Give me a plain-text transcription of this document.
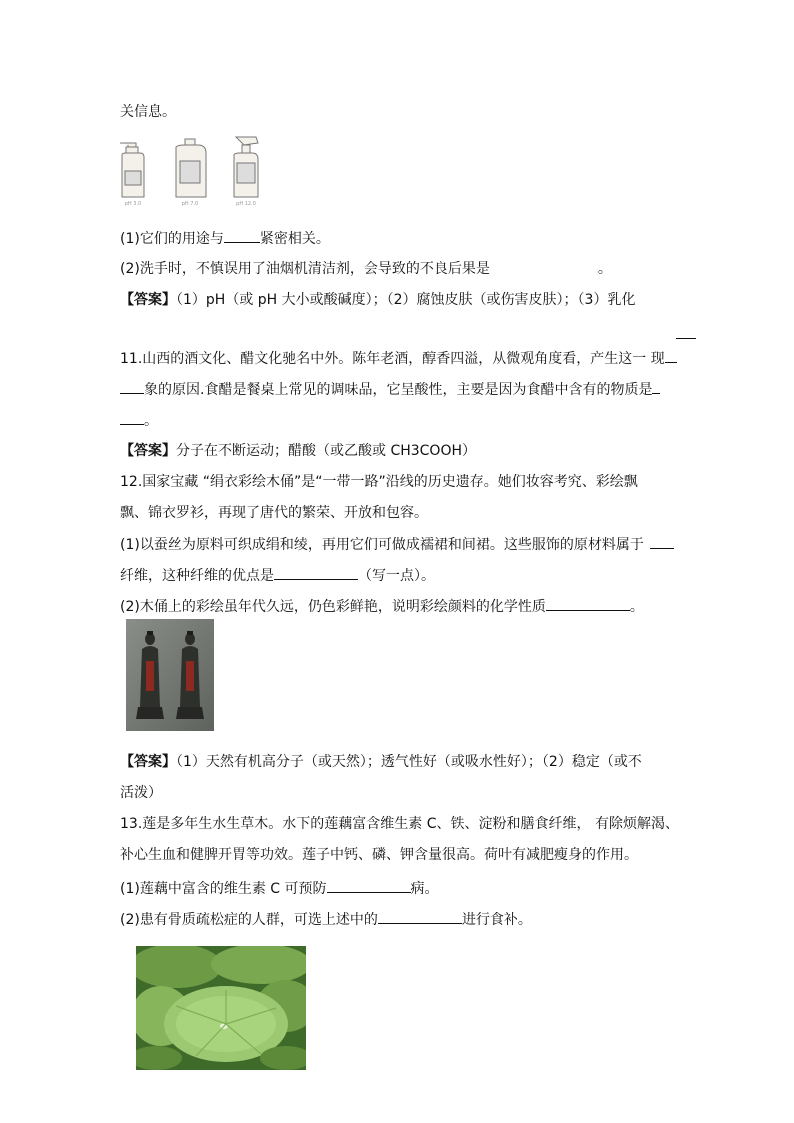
关信息。
pH 3.0	pH 7.0	pH 12.0
(1)它们的用途与	紧密相关。
(2)洗手时，不慎误用了油烟机清洁剂，会导致的不良后果是	。
【答案】（1）pH（或 pH 大小或酸碱度）；（2）腐蚀皮肤（或伤害皮肤）；（3）乳化
11.山西的酒文化、醋文化驰名中外。陈年老酒，醇香四溢，从微观角度看，产生这一 现
象的原因.食醋是餐桌上常见的调味品，它呈酸性，主要是因为食醋中含有的物质是
。
【答案】分子在不断运动；醋酸（或乙酸或 CH3COOH）
12.国家宝藏 “绢衣彩绘木俑”是“一带一路”沿线的历史遗存。她们妆容考究、彩绘飘
飘、锦衣罗衫，再现了唐代的繁荣、开放和包容。
(1)以蚕丝为原料可织成绢和绫，再用它们可做成襦裙和间裙。这些服饰的原材料属于
纤维，这种纤维的优点是	（写一点）。
(2)木俑上的彩绘虽年代久远，仍色彩鲜艳，说明彩绘颜料的化学性质	。
【答案】（1）天然有机高分子（或天然）；透气性好（或吸水性好）；（2）稳定（或不
活泼）
13.莲是多年生水生草木。水下的莲藕富含维生素 C、铁、淀粉和膳食纤维， 有除烦解渴、
补心生血和健脾开胃等功效。莲子中钙、磷、钾含量很高。荷叶有减肥瘦身的作用。
(1)莲藕中富含的维生素 C 可预防	病。
(2)患有骨质疏松症的人群，可选上述中的	进行食补。
